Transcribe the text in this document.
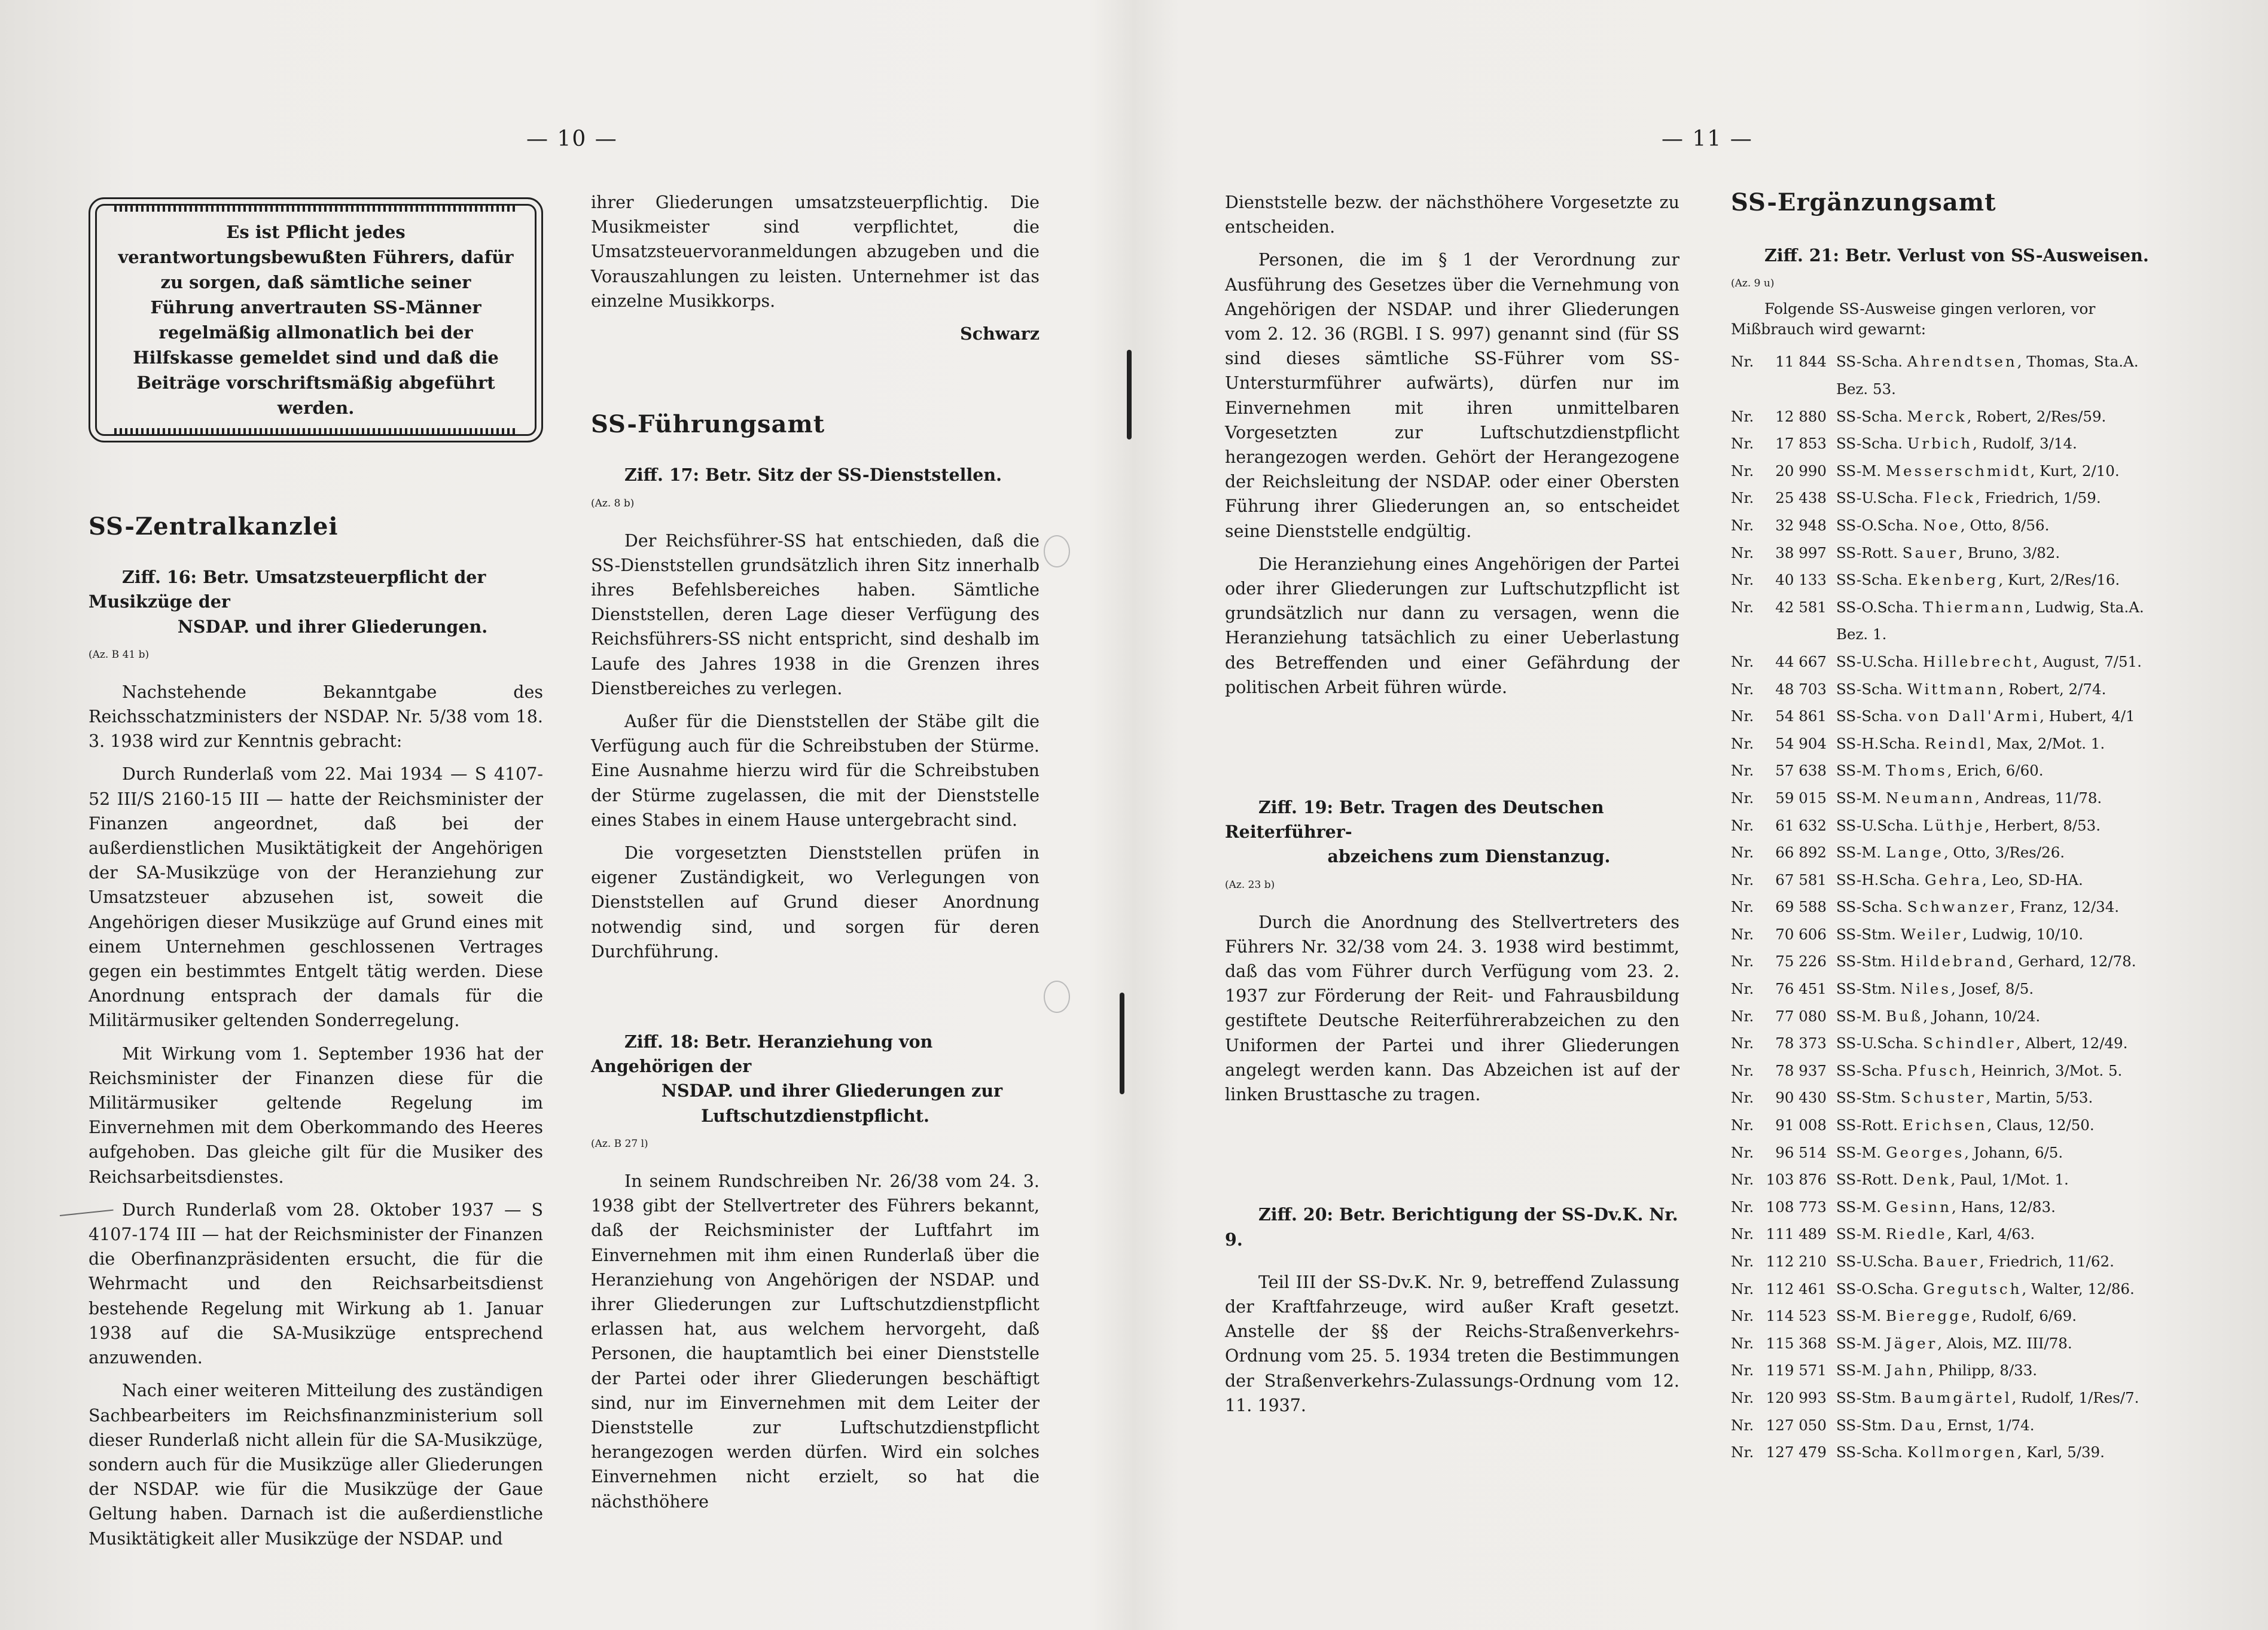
— 10 —
Es ist Pflicht jedes verantwortungsbewußten Führers, dafür zu sorgen, daß sämtliche seiner Führung anvertrauten SS-Männer regelmäßig allmonatlich bei der Hilfskasse gemeldet sind und daß die Beiträge vorschriftsmäßig abgeführt werden.
SS-Zentralkanzlei

Ziff. 16: Betr. Umsatzsteuerpflicht der Musikzüge der
NSDAP. und ihrer Gliederungen.

(Az. B 41 b)

Nachstehende Bekanntgabe des Reichsschatzministers der NSDAP. Nr. 5/38 vom 18. 3. 1938 wird zur Kenntnis gebracht:

Durch Runderlaß vom 22. Mai 1934 — S 4107-52 III/S 2160-15 III — hatte der Reichsminister der Finanzen angeordnet, daß bei der außerdienstlichen Musiktätigkeit der Angehörigen der SA-Musikzüge von der Heranziehung zur Umsatzsteuer abzusehen ist, soweit die Angehörigen dieser Musikzüge auf Grund eines mit einem Unternehmen geschlossenen Vertrages gegen ein bestimmtes Entgelt tätig werden. Diese Anordnung entsprach der damals für die Militärmusiker geltenden Sonderregelung.

Mit Wirkung vom 1. September 1936 hat der Reichsminister der Finanzen diese für die Militärmusiker geltende Regelung im Einvernehmen mit dem Oberkommando des Heeres aufgehoben. Das gleiche gilt für die Musiker des Reichsarbeitsdienstes.

Durch Runderlaß vom 28. Oktober 1937 — S 4107-174 III — hat der Reichsminister der Finanzen die Oberfinanzpräsidenten ersucht, die für die Wehrmacht und den Reichsarbeitsdienst bestehende Regelung mit Wirkung ab 1. Januar 1938 auf die SA-Musikzüge entsprechend anzuwenden.

Nach einer weiteren Mitteilung des zuständigen Sachbearbeiters im Reichsfinanzministerium soll dieser Runderlaß nicht allein für die SA-Musikzüge, sondern auch für die Musikzüge aller Gliederungen der NSDAP. wie für die Musikzüge der Gaue Geltung haben. Darnach ist die außerdienstliche Musiktätigkeit aller Musikzüge der NSDAP. und

ihrer Gliederungen umsatzsteuerpflichtig. Die Musikmeister sind verpflichtet, die Umsatzsteuervoranmeldungen abzugeben und die Vorauszahlungen zu leisten. Unternehmer ist das einzelne Musikkorps.

Schwarz
SS-Führungsamt

Ziff. 17: Betr. Sitz der SS-Dienststellen.

(Az. 8 b)

Der Reichsführer-SS hat entschieden, daß die SS-Dienststellen grundsätzlich ihren Sitz innerhalb ihres Befehlsbereiches haben. Sämtliche Dienststellen, deren Lage dieser Verfügung des Reichsführers-SS nicht entspricht, sind deshalb im Laufe des Jahres 1938 in die Grenzen ihres Dienstbereiches zu verlegen.

Außer für die Dienststellen der Stäbe gilt die Verfügung auch für die Schreibstuben der Stürme. Eine Ausnahme hierzu wird für die Schreibstuben der Stürme zugelassen, die mit der Dienststelle eines Stabes in einem Hause untergebracht sind.

Die vorgesetzten Dienststellen prüfen in eigener Zuständigkeit, wo Verlegungen von Dienststellen auf Grund dieser Anordnung notwendig sind, und sorgen für deren Durchführung.

Ziff. 18: Betr. Heranziehung von Angehörigen der
NSDAP. und ihrer Gliederungen zur Luftschutzdienstpflicht.

(Az. B 27 l)

In seinem Rundschreiben Nr. 26/38 vom 24. 3. 1938 gibt der Stellvertreter des Führers bekannt, daß der Reichsminister der Luftfahrt im Einvernehmen mit ihm einen Runderlaß über die Heranziehung von Angehörigen der NSDAP. und ihrer Gliederungen zur Luftschutzdienstpflicht erlassen hat, aus welchem hervorgeht, daß Personen, die hauptamtlich bei einer Dienststelle der Partei oder ihrer Gliederungen beschäftigt sind, nur im Einvernehmen mit dem Leiter der Dienststelle zur Luftschutzdienstpflicht herangezogen werden dürfen. Wird ein solches Einvernehmen nicht erzielt, so hat die nächsthöhere

— 11 —

Dienststelle bezw. der nächsthöhere Vorgesetzte zu entscheiden.

Personen, die im § 1 der Verordnung zur Ausführung des Gesetzes über die Vernehmung von Angehörigen der NSDAP. und ihrer Gliederungen vom 2. 12. 36 (RGBl. I S. 997) genannt sind (für SS sind dieses sämtliche SS-Führer vom SS-Untersturmführer aufwärts), dürfen nur im Einvernehmen mit ihren unmittelbaren Vorgesetzten zur Luftschutzdienstpflicht herangezogen werden. Gehört der Herangezogene der Reichsleitung der NSDAP. oder einer Obersten Führung ihrer Gliederungen an, so entscheidet seine Dienststelle endgültig.

Die Heranziehung eines Angehörigen der Partei oder ihrer Gliederungen zur Luftschutzpflicht ist grundsätzlich nur dann zu versagen, wenn die Heranziehung tatsächlich zu einer Ueberlastung des Betreffenden und einer Gefährdung der politischen Arbeit führen würde.

Ziff. 19: Betr. Tragen des Deutschen Reiterführer-
abzeichens zum Dienstanzug.

(Az. 23 b)

Durch die Anordnung des Stellvertreters des Führers Nr. 32/38 vom 24. 3. 1938 wird bestimmt, daß das vom Führer durch Verfügung vom 23. 2. 1937 zur Förderung der Reit- und Fahrausbildung gestiftete Deutsche Reiterführerabzeichen zu den Uniformen der Partei und ihrer Gliederungen angelegt werden kann. Das Abzeichen ist auf der linken Brusttasche zu tragen.

Ziff. 20: Betr. Berichtigung der SS-Dv.K. Nr. 9.

Teil III der SS-Dv.K. Nr. 9, betreffend Zulassung der Kraftfahrzeuge, wird außer Kraft gesetzt. Anstelle der §§ der Reichs-Straßenverkehrs-Ordnung vom 25. 5. 1934 treten die Bestimmungen der Straßenverkehrs-Zulassungs-Ordnung vom 12. 11. 1937.

SS-Ergänzungsamt

Ziff. 21: Betr. Verlust von SS-Ausweisen.

(Az. 9 u)

Folgende SS-Ausweise gingen verloren, vor Mißbrauch wird gewarnt:

Nr.	11 844 SS-Scha. Ahrendtsen, Thomas, Sta.A.
Bez. 53.
Nr.	12 880 SS-Scha. Merck, Robert, 2/Res/59.
Nr.	17 853 SS-Scha. Urbich, Rudolf, 3/14.
Nr.	20 990 SS-M. Messerschmidt, Kurt, 2/10.
Nr.	25 438 SS-U.Scha. Fleck, Friedrich, 1/59.
Nr.	32 948 SS-O.Scha. Noe, Otto, 8/56.
Nr.	38 997 SS-Rott. Sauer, Bruno, 3/82.
Nr.	40 133 SS-Scha. Ekenberg, Kurt, 2/Res/16.
Nr.	42 581 SS-O.Scha. Thiermann, Ludwig, Sta.A.
Bez. 1.
Nr.	44 667 SS-U.Scha. Hillebrecht, August, 7/51.
Nr.	48 703 SS-Scha. Wittmann, Robert, 2/74.
Nr.	54 861 SS-Scha. von Dall'Armi, Hubert, 4/1
Nr.	54 904 SS-H.Scha. Reindl, Max, 2/Mot. 1.
Nr.	57 638 SS-M. Thoms, Erich, 6/60.
Nr.	59 015 SS-M. Neumann, Andreas, 11/78.
Nr.	61 632 SS-U.Scha. Lüthje, Herbert, 8/53.
Nr.	66 892 SS-M. Lange, Otto, 3/Res/26.
Nr.	67 581 SS-H.Scha. Gehra, Leo, SD-HA.
Nr.	69 588 SS-Scha. Schwanzer, Franz, 12/34.
Nr.	70 606 SS-Stm. Weiler, Ludwig, 10/10.
Nr.	75 226 SS-Stm. Hildebrand, Gerhard, 12/78.
Nr.	76 451 SS-Stm. Niles, Josef, 8/5.
Nr.	77 080 SS-M. Buß, Johann, 10/24.
Nr.	78 373 SS-U.Scha. Schindler, Albert, 12/49.
Nr.	78 937 SS-Scha. Pfusch, Heinrich, 3/Mot. 5.
Nr.	90 430 SS-Stm. Schuster, Martin, 5/53.
Nr.	91 008 SS-Rott. Erichsen, Claus, 12/50.
Nr.	96 514 SS-M. Georges, Johann, 6/5.
Nr. 103 876 SS-Rott. Denk, Paul, 1/Mot. 1.
Nr. 108 773 SS-M. Gesinn, Hans, 12/83.
Nr. 111 489 SS-M. Riedle, Karl, 4/63.
Nr. 112 210 SS-U.Scha. Bauer, Friedrich, 11/62.
Nr. 112 461 SS-O.Scha. Gregutsch, Walter, 12/86.
Nr. 114 523 SS-M. Bieregge, Rudolf, 6/69.
Nr. 115 368 SS-M. Jäger, Alois, MZ. III/78.
Nr. 119 571 SS-M. Jahn, Philipp, 8/33.
Nr. 120 993 SS-Stm. Baumgärtel, Rudolf, 1/Res/7.
Nr. 127 050 SS-Stm. Dau, Ernst, 1/74.
Nr. 127 479 SS-Scha. Kollmorgen, Karl, 5/39.
